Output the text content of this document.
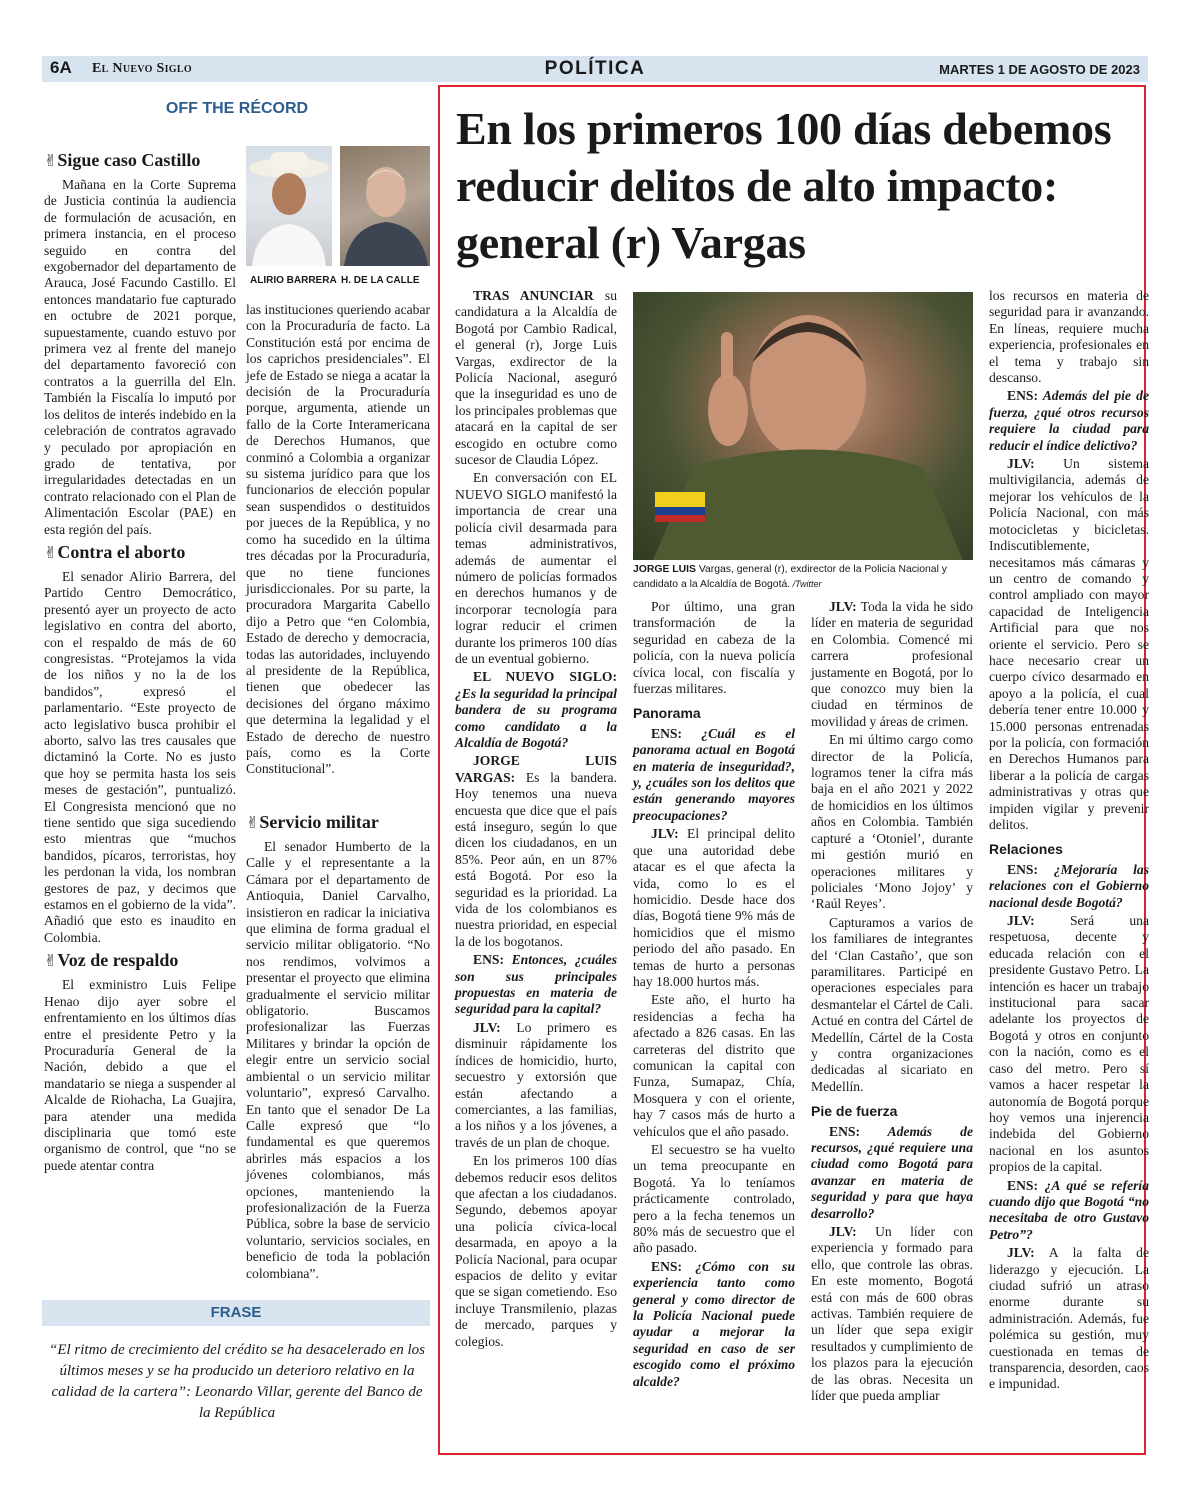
6A El Nuevo Siglo	POLÍTICA	MARTES 1 DE AGOSTO DE 2023
OFF THE RÉCORD
✌Sigue caso Castillo

Mañana en la Corte Suprema de Justicia continúa la audiencia de formulación de acusación, en primera instancia, en el proceso seguido en contra del exgobernador del departamento de Arauca, José Facundo Castillo. El entonces mandatario fue capturado en octubre de 2021 porque, supuestamente, cuando estuvo por primera vez al frente del manejo del departamento favoreció con contratos a la guerrilla del Eln. También la Fiscalía lo imputó por los delitos de interés indebido en la celebración de contratos agravado y peculado por apropiación en grado de tentativa, por irregularidades detectadas en un contrato relacionado con el Plan de Alimentación Escolar (PAE) en esta región del país.

✌Contra el aborto

El senador Alirio Barrera, del Partido Centro Democrático, presentó ayer un proyecto de acto legislativo en contra del aborto, con el respaldo de más de 60 congresistas. “Protejamos la vida de los niños y no la de los bandidos”, expresó el parlamentario. “Este proyecto de acto legislativo busca prohibir el aborto, salvo las tres causales que dictaminó la Corte. No es justo que hoy se permita hasta los seis meses de gestación”, puntualizó. El Congresista mencionó que no tiene sentido que siga sucediendo esto mientras que “muchos bandidos, pícaros, terroristas, hoy les perdonan la vida, los nombran gestores de paz, y decimos que estamos en el gobierno de la vida”. Añadió que esto es inaudito en Colombia.

✌Voz de respaldo

El exministro Luis Felipe Henao dijo ayer sobre el enfrentamiento en los últimos días entre el presidente Petro y la Procuraduría General de la Nación, debido a que el mandatario se niega a suspender al Alcalde de Riohacha, La Guajira, para atender una medida disciplinaria que tomó este organismo de control, que “no se puede atentar contra

ALIRIO BARRERA H. DE LA CALLE

las instituciones queriendo acabar con la Procuraduría de facto. La Constitución está por encima de los caprichos presidenciales”. El jefe de Estado se niega a acatar la decisión de la Procuraduría porque, argumenta, atiende un fallo de la Corte Interamericana de Derechos Humanos, que conminó a Colombia a organizar su sistema jurídico para que los funcionarios de elección popular sean suspendidos o destituidos por jueces de la República, y no como ha sucedido en la última tres décadas por la Procuraduría, que no tiene funciones jurisdiccionales. Por su parte, la procuradora Margarita Cabello dijo a Petro que “en Colombia, Estado de derecho y democracia, todas las autoridades, incluyendo al presidente de la República, tienen que obedecer las decisiones del órgano máximo que determina la legalidad y el Estado de derecho de nuestro país, como es la Corte Constitucional”.

✌Servicio militar

El senador Humberto de la Calle y el representante a la Cámara por el departamento de Antioquia, Daniel Carvalho, insistieron en radicar la iniciativa que elimina de forma gradual el servicio militar obligatorio. “No nos rendimos, volvimos a presentar el proyecto que elimina gradualmente el servicio militar obligatorio. Buscamos profesionalizar las Fuerzas Militares y brindar la opción de elegir entre un servicio social ambiental o un servicio militar voluntario”, expresó Carvalho. En tanto que el senador De La Calle expresó que “lo fundamental es que queremos abrirles más espacios a los jóvenes colombianos, más opciones, manteniendo la profesionalización de la Fuerza Pública, sobre la base de servicio voluntario, servicios sociales, en beneficio de toda la población colombiana”.

FRASE
“El ritmo de crecimiento del crédito se ha desacelerado en los últimos meses y se ha producido un deterioro relativo en la calidad de la cartera”: Leonardo Villar, gerente del Banco de la República
En los primeros 100 días debemos reducir delitos de alto impacto: general (r) Vargas

TRAS ANUNCIAR su candidatura a la Alcaldía de Bogotá por Cambio Radical, el general (r), Jorge Luis Vargas, exdirector de la Policía Nacional, aseguró que la inseguridad es uno de los principales problemas que atacará en la capital de ser escogido en octubre como sucesor de Claudia López.

En conversación con EL NUEVO SIGLO manifestó la importancia de crear una policía civil desarmada para temas administrativos, además de aumentar el número de policías formados en derechos humanos y de incorporar tecnología para lograr reducir el crimen durante los primeros 100 días de un eventual gobierno.

EL NUEVO SIGLO: ¿Es la seguridad la principal bandera de su programa como candidato a la Alcaldía de Bogotá?

JORGE LUIS VARGAS: Es la bandera. Hoy tenemos una nueva encuesta que dice que el país está inseguro, según lo que dicen los ciudadanos, en un 85%. Peor aún, en un 87% está Bogotá. Por eso la seguridad es la prioridad. La vida de los colombianos es nuestra prioridad, en especial la de los bogotanos.

ENS: Entonces, ¿cuáles son sus principales propuestas en materia de seguridad para la capital?

JLV: Lo primero es disminuir rápidamente los índices de homicidio, hurto, secuestro y extorsión que están afectando a comerciantes, a las familias, a los niños y a los jóvenes, a través de un plan de choque.

En los primeros 100 días debemos reducir esos delitos que afectan a los ciudadanos. Segundo, debemos apoyar una policía cívica-local desarmada, en apoyo a la Policía Nacional, para ocupar espacios de delito y evitar que se sigan cometiendo. Eso incluye Transmilenio, plazas de mercado, parques y colegios.

JORGE LUIS Vargas, general (r), exdirector de la Policía Nacional y candidato a la Alcaldía de Bogotá. /Twitter

Por último, una gran transformación de la seguridad en cabeza de la policía, con la nueva policía cívica local, con fiscalía y fuerzas militares.

Panorama

ENS: ¿Cuál es el panorama actual en Bogotá en materia de inseguridad?, y, ¿cuáles son los delitos que están generando mayores preocupaciones?

JLV: El principal delito que una autoridad debe atacar es el que afecta la vida, como lo es el homicidio. Desde hace dos días, Bogotá tiene 9% más de homicidios que el mismo periodo del año pasado. En temas de hurto a personas hay 18.000 hurtos más.

Este año, el hurto ha residencias a fecha ha afectado a 826 casas. En las carreteras del distrito que comunican la capital con Funza, Sumapaz, Chía, Mosquera y con el oriente, hay 7 casos más de hurto a vehículos que el año pasado.

El secuestro se ha vuelto un tema preocupante en Bogotá. Ya lo teníamos prácticamente controlado, pero a la fecha tenemos un 80% más de secuestro que el año pasado.

ENS: ¿Cómo con su experiencia tanto como general y como director de la Policía Nacional puede ayudar a mejorar la seguridad en caso de ser escogido como el próximo alcalde?

JLV: Toda la vida he sido líder en materia de seguridad en Colombia. Comencé mi carrera profesional justamente en Bogotá, por lo que conozco muy bien la ciudad en términos de movilidad y áreas de crimen.

En mi último cargo como director de la Policía, logramos tener la cifra más baja en el año 2021 y 2022 de homicidios en los últimos años en Colombia. También capturé a ‘Otoniel’, durante mi gestión murió en operaciones militares y policiales ‘Mono Jojoy’ y ‘Raúl Reyes’.

Capturamos a varios de los familiares de integrantes del ‘Clan Castaño’, que son paramilitares. Participé en operaciones especiales para desmantelar el Cártel de Cali. Actué en contra del Cártel de Medellín, Cártel de la Costa y contra organizaciones dedicadas al sicariato en Medellín.

Pie de fuerza

ENS: Además de recursos, ¿qué requiere una ciudad como Bogotá para avanzar en materia de seguridad y para que haya desarrollo?

JLV: Un líder con experiencia y formado para ello, que controle las obras. En este momento, Bogotá está con más de 600 obras activas. También requiere de un líder que sepa exigir resultados y cumplimiento de los plazos para la ejecución de las obras. Necesita un líder que pueda ampliar

los recursos en materia de seguridad para ir avanzando. En líneas, requiere mucha experiencia, profesionales en el tema y trabajo sin descanso.

ENS: Además del pie de fuerza, ¿qué otros recursos requiere la ciudad para reducir el índice delictivo?

JLV: Un sistema multivigilancia, además de mejorar los vehículos de la Policía Nacional, con más motocicletas y bicicletas. Indiscutiblemente, necesitamos más cámaras y un centro de comando y control ampliado con mayor capacidad de Inteligencia Artificial para que nos oriente el servicio. Pero se hace necesario crear un cuerpo cívico desarmado en apoyo a la policía, el cual debería tener entre 10.000 y 15.000 personas entrenadas por la policía, con formación en Derechos Humanos para liberar a la policía de cargas administrativas y otras que impiden vigilar y prevenir delitos.

Relaciones

ENS: ¿Mejoraría las relaciones con el Gobierno nacional desde Bogotá?

JLV: Será una respetuosa, decente y educada relación con el presidente Gustavo Petro. La intención es hacer un trabajo institucional para sacar adelante los proyectos de Bogotá y otros en conjunto con la nación, como es el caso del metro. Pero sí vamos a hacer respetar la autonomía de Bogotá porque hoy vemos una injerencia indebida del Gobierno nacional en los asuntos propios de la capital.

ENS: ¿A qué se refería cuando dijo que Bogotá “no necesitaba de otro Gustavo Petro”?

JLV: A la falta de liderazgo y ejecución. La ciudad sufrió un atraso enorme durante su administración. Además, fue polémica su gestión, muy cuestionada en temas de transparencia, desorden, caos e impunidad.
